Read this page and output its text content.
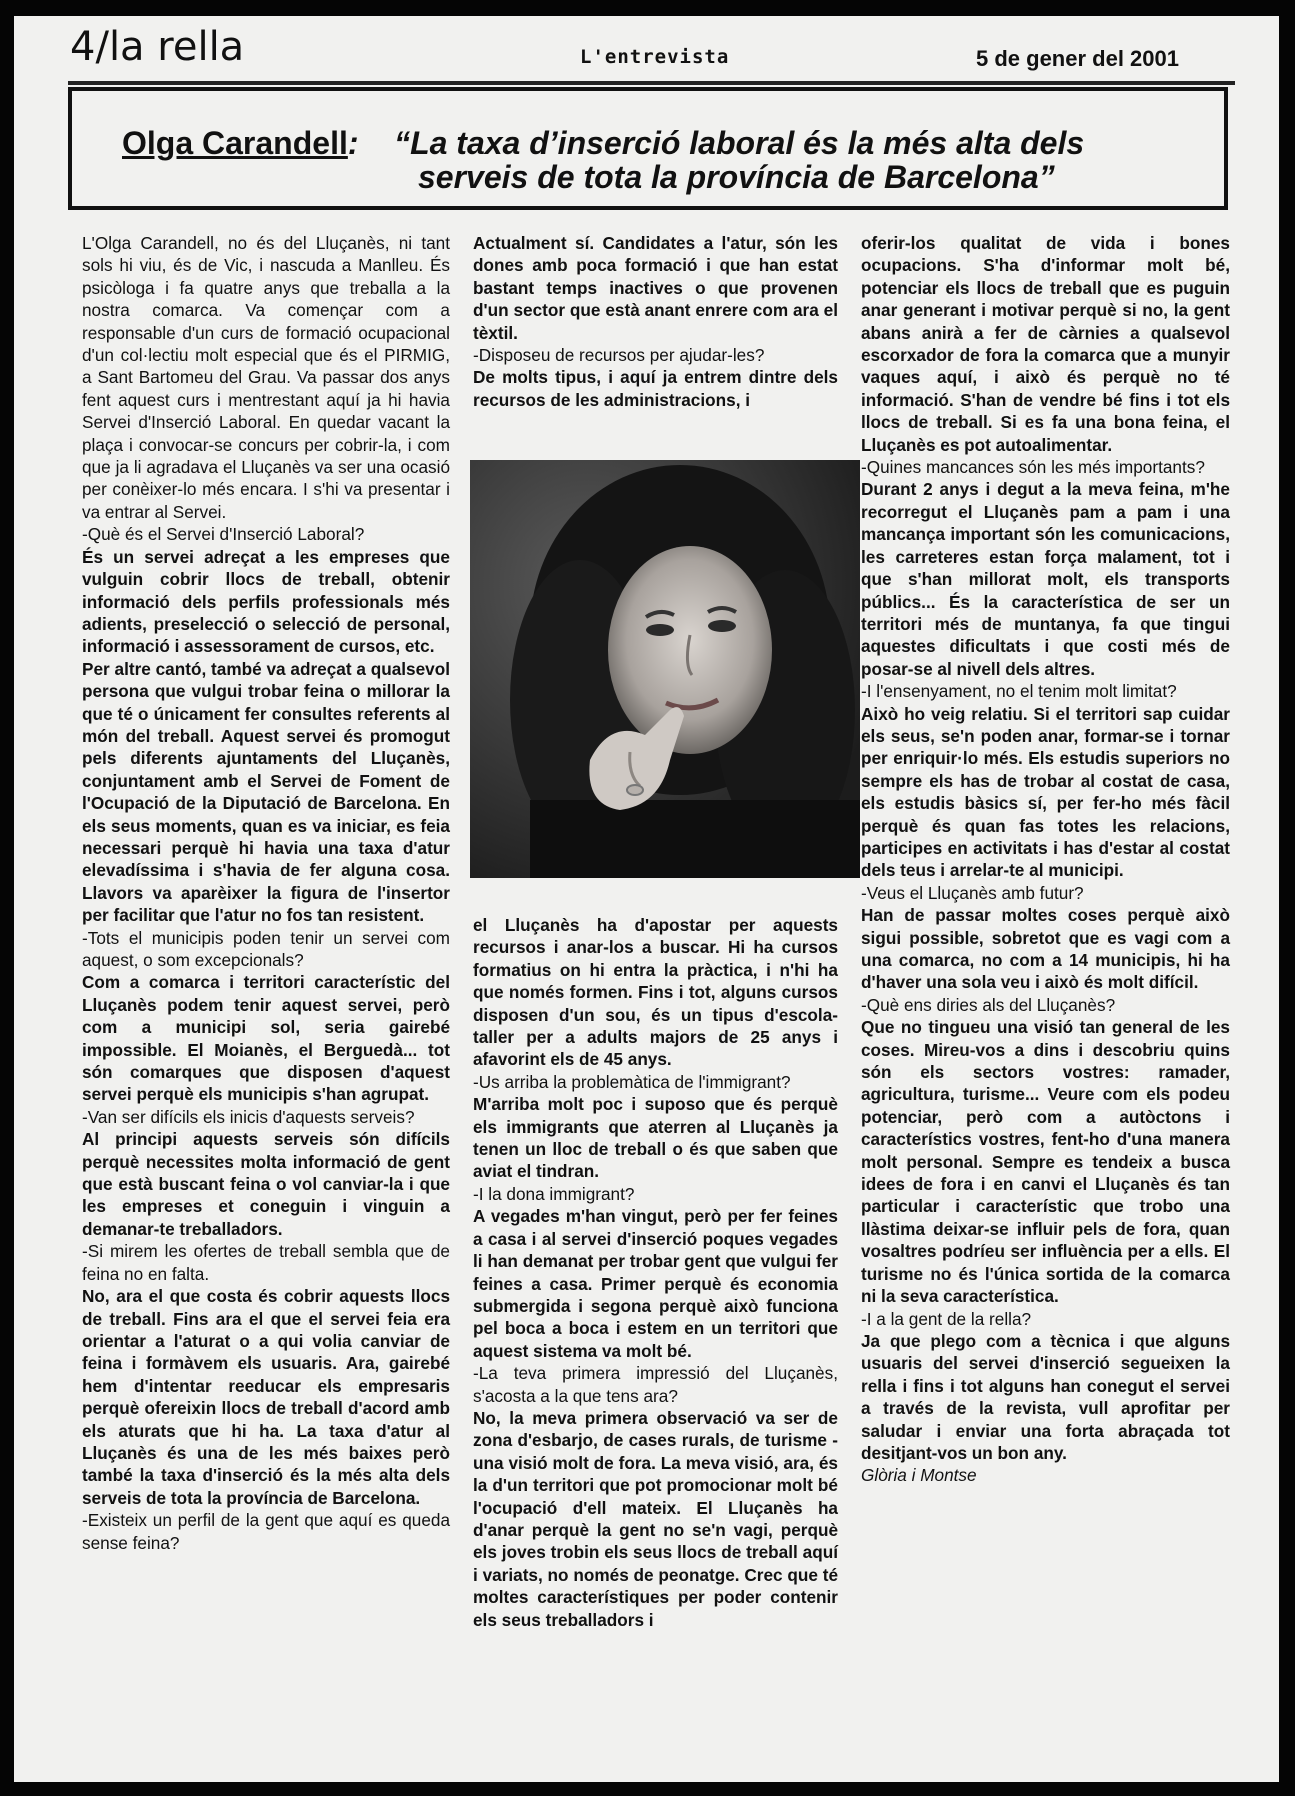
4/la rella	L'entrevista	5 de gener del 2001
Olga Carandell: “La taxa d’inserció laboral és la més alta dels
serveis de tota la província de Barcelona”

L'Olga Carandell, no és del Lluçanès, ni tant sols hi viu, és de Vic, i nascuda a Manlleu. És psicòloga i fa quatre anys que treballa a la nostra comarca. Va començar com a responsable d'un curs de formació ocupacional d'un col·lectiu molt especial que és el PIRMIG, a Sant Bartomeu del Grau. Va passar dos anys fent aquest curs i mentrestant aquí ja hi havia Servei d'Inserció Laboral. En quedar vacant la plaça i convocar-se concurs per cobrir-la, i com que ja li agradava el Lluçanès va ser una ocasió per conèixer-lo més encara. I s'hi va presentar i va entrar al Servei.

-Què és el Servei d'Inserció Laboral?

És un servei adreçat a les empreses que vulguin cobrir llocs de treball, obtenir informació dels perfils professionals més adients, preselecció o selecció de personal, informació i assessorament de cursos, etc.

Per altre cantó, també va adreçat a qualsevol persona que vulgui trobar feina o millorar la que té o únicament fer consultes referents al món del treball. Aquest servei és promogut pels diferents ajuntaments del Lluçanès, conjuntament amb el Servei de Foment de l'Ocupació de la Diputació de Barcelona. En els seus moments, quan es va iniciar, es feia necessari perquè hi havia una taxa d'atur elevadíssima i s'havia de fer alguna cosa. Llavors va aparèixer la figura de l'insertor per facilitar que l'atur no fos tan resistent.

-Tots el municipis poden tenir un servei com aquest, o som excepcionals?

Com a comarca i territori característic del Lluçanès podem tenir aquest servei, però com a municipi sol, seria gairebé impossible. El Moianès, el Berguedà... tot són comarques que disposen d'aquest servei perquè els municipis s'han agrupat.

-Van ser difícils els inicis d'aquests serveis?

Al principi aquests serveis són difícils perquè necessites molta informació de gent que està buscant feina o vol canviar-la i que les empreses et coneguin i vinguin a demanar-te treballadors.

-Si mirem les ofertes de treball sembla que de feina no en falta.

No, ara el que costa és cobrir aquests llocs de treball. Fins ara el que el servei feia era orientar a l'aturat o a qui volia canviar de feina i formàvem els usuaris. Ara, gairebé hem d'intentar reeducar els empresaris perquè ofereixin llocs de treball d'acord amb els aturats que hi ha. La taxa d'atur al Lluçanès és una de les més baixes però també la taxa d'inserció és la més alta dels serveis de tota la província de Barcelona.

-Existeix un perfil de la gent que aquí es queda sense feina?

Actualment sí. Candidates a l'atur, són les dones amb poca formació i que han estat bastant temps inactives o que provenen d'un sector que està anant enrere com ara el tèxtil.

-Disposeu de recursos per ajudar-les?

De molts tipus, i aquí ja entrem dintre dels recursos de les administracions, i

el Lluçanès ha d'apostar per aquests recursos i anar-los a buscar. Hi ha cursos formatius on hi entra la pràctica, i n'hi ha que només formen. Fins i tot, alguns cursos disposen d'un sou, és un tipus d'escola-taller per a adults majors de 25 anys i afavorint els de 45 anys.

-Us arriba la problemàtica de l'immigrant?

M'arriba molt poc i suposo que és perquè els immigrants que aterren al Lluçanès ja tenen un lloc de treball o és que saben que aviat el tindran.

-I la dona immigrant?

A vegades m'han vingut, però per fer feines a casa i al servei d'inserció poques vegades li han demanat per trobar gent que vulgui fer feines a casa. Primer perquè és economia submergida i segona perquè això funciona pel boca a boca i estem en un territori que aquest sistema va molt bé.

-La teva primera impressió del Lluçanès, s'acosta a la que tens ara?

No, la meva primera observació va ser de zona d'esbarjo, de cases rurals, de turisme -una visió molt de fora. La meva visió, ara, és la d'un territori que pot promocionar molt bé l'ocupació d'ell mateix. El Lluçanès ha d'anar perquè la gent no se'n vagi, perquè els joves trobin els seus llocs de treball aquí i variats, no només de peonatge. Crec que té moltes característiques per poder contenir els seus treballadors i

oferir-los qualitat de vida i bones ocupacions. S'ha d'informar molt bé, potenciar els llocs de treball que es puguin anar generant i motivar perquè si no, la gent abans anirà a fer de càrnies a qualsevol escorxador de fora la comarca que a munyir vaques aquí, i això és perquè no té informació. S'han de vendre bé fins i tot els llocs de treball. Si es fa una bona feina, el Lluçanès es pot autoalimentar.

-Quines mancances són les més importants?

Durant 2 anys i degut a la meva feina, m'he recorregut el Lluçanès pam a pam i una mancança important són les comunicacions, les carreteres estan força malament, tot i que s'han millorat molt, els transports públics... És la característica de ser un territori més de muntanya, fa que tingui aquestes dificultats i que costi més de posar-se al nivell dels altres.

-I l'ensenyament, no el tenim molt limitat?

Això ho veig relatiu. Si el territori sap cuidar els seus, se'n poden anar, formar-se i tornar per enriquir·lo més. Els estudis superiors no sempre els has de trobar al costat de casa, els estudis bàsics sí, per fer-ho més fàcil perquè és quan fas totes les relacions, participes en activitats i has d'estar al costat dels teus i arrelar-te al municipi.

-Veus el Lluçanès amb futur?

Han de passar moltes coses perquè això sigui possible, sobretot que es vagi com a una comarca, no com a 14 municipis, hi ha d'haver una sola veu i això és molt difícil.

-Què ens diries als del Lluçanès?

Que no tingueu una visió tan general de les coses. Mireu-vos a dins i descobriu quins són els sectors vostres: ramader, agricultura, turisme... Veure com els podeu potenciar, però com a autòctons i característics vostres, fent-ho d'una manera molt personal. Sempre es tendeix a busca idees de fora i en canvi el Lluçanès és tan particular i característic que trobo una llàstima deixar-se influir pels de fora, quan vosaltres podríeu ser influència per a ells. El turisme no és l'única sortida de la comarca ni la seva característica.

-I a la gent de la rella?

Ja que plego com a tècnica i que alguns usuaris del servei d'inserció segueixen la rella i fins i tot alguns han conegut el servei a través de la revista, vull aprofitar per saludar i enviar una forta abraçada tot desitjant-vos un bon any.

Glòria i Montse
